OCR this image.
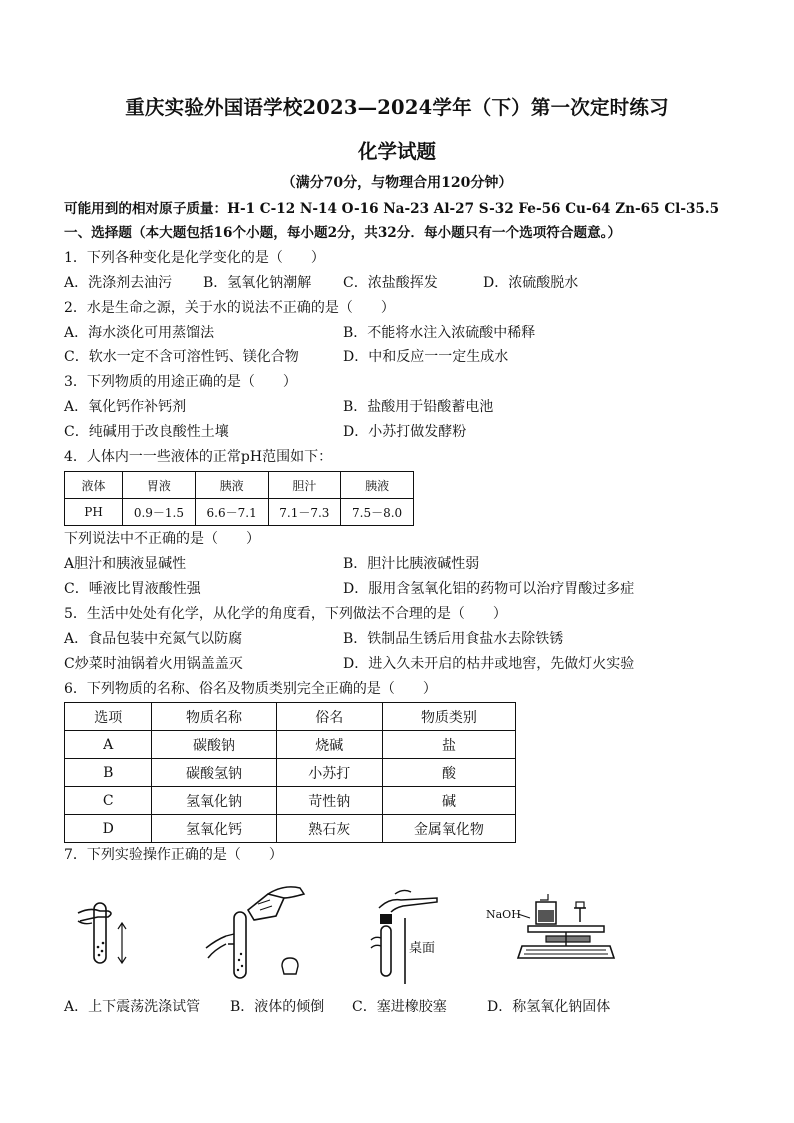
重庆实验外国语学校2023—2024学年（下）第一次定时练习
化学试题
（满分70分，与物理合用120分钟）
可能用到的相对原子质量：H-1 C-12 N-14 O-16 Na-23 Al-27 S-32 Fe-56 Cu-64 Zn-65 Cl-35.5
一、选择题（本大题包括16个小题，每小题2分，共32分．每小题只有一个选项符合题意。）
1．下列各种变化是化学变化的是（　　）
A．洗涤剂去油污 B．氢氧化钠潮解 C．浓盐酸挥发	D．浓硫酸脱水
2．水是生命之源，关于水的说法不正确的是（　　）
A．海水淡化可用蒸馏法	B．不能将水注入浓硫酸中稀释
C．软水一定不含可溶性钙、镁化合物	D．中和反应一一定生成水
3．下列物质的用途正确的是（　　）
A．氧化钙作补钙剂	B．盐酸用于铅酸蓄电池
C．纯碱用于改良酸性土壤	D．小苏打做发酵粉
4．人体内一一些液体的正常pH范围如下：
液体	胃液	胰液	胆汁	胰液
PH	0.9－1.5	6.6－7.1	7.1－7.3	7.5－8.0
下列说法中不正确的是（　　）
A胆汁和胰液显碱性	B．胆汁比胰液碱性弱
C．唾液比胃液酸性强	D．服用含氢氧化铝的药物可以治疗胃酸过多症
5．生活中处处有化学，从化学的角度看，下列做法不合理的是（　　）
A．食品包装中充氮气以防腐	B．铁制品生锈后用食盐水去除铁锈
C炒菜时油锅着火用锅盖盖灭	D．进入久未开启的枯井或地窖，先做灯火实验
6．下列物质的名称、俗名及物质类别完全正确的是（　　）
选项	物质名称	俗名	物质类别
A	碳酸钠	烧碱	盐
B	碳酸氢钠	小苏打	酸
C	氢氧化钠	苛性钠	碱
D	氢氧化钙	熟石灰	金属氧化物
7．下列实验操作正确的是（　　）
桌面
NaOH
A．上下震荡洗涤试管 B．液体的倾倒 C．塞进橡胶塞	D．称氢氧化钠固体
